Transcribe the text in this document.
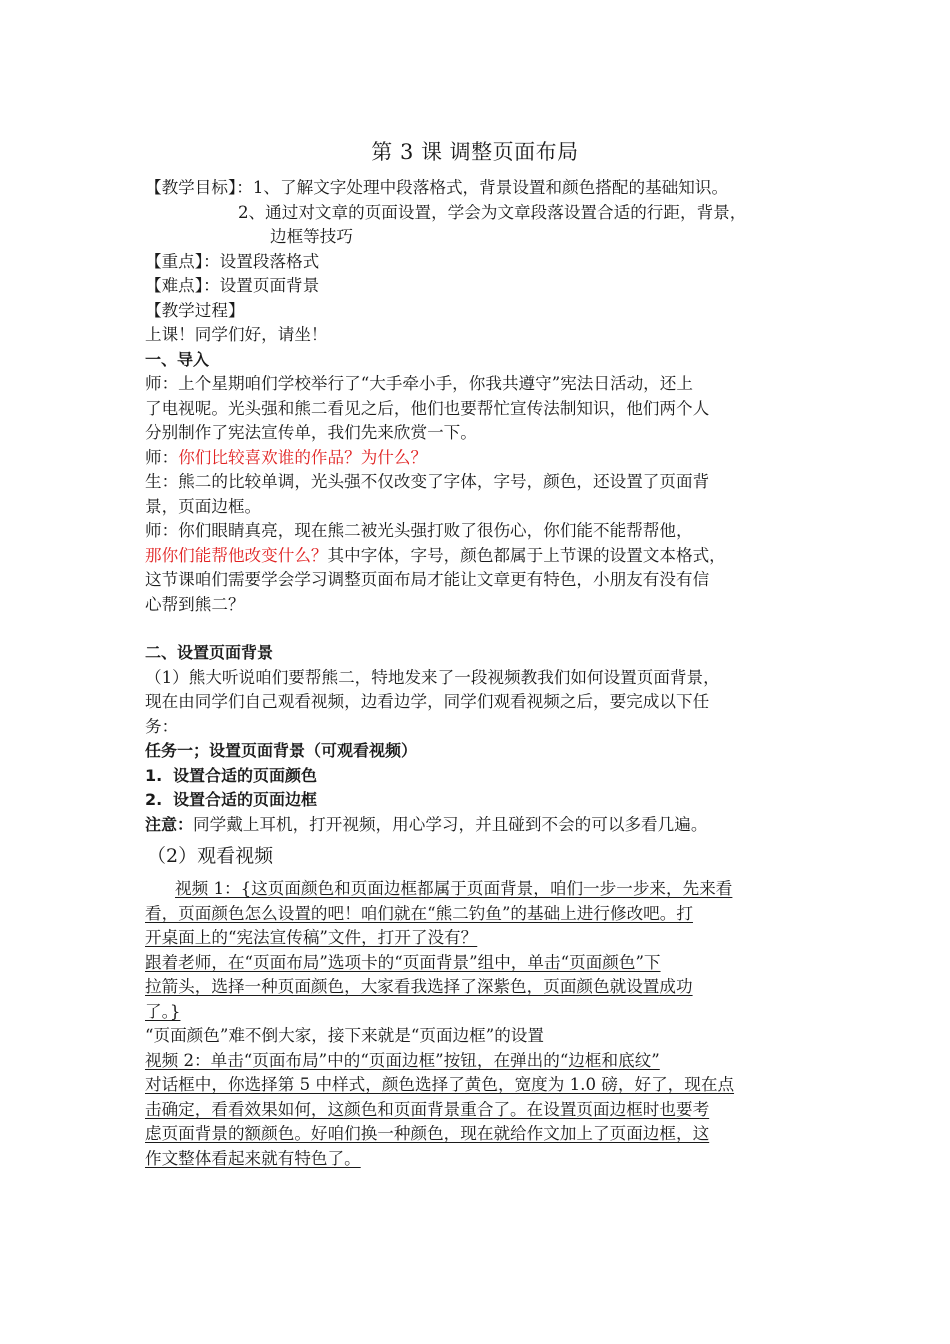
第 3 课 调整页面布局
【教学目标】：1、了解文字处理中段落格式，背景设置和颜色搭配的基础知识。
2、通过对文章的页面设置，学会为文章段落设置合适的行距，背景，
边框等技巧
【重点】：设置段落格式
【难点】：设置页面背景
【教学过程】
上课！同学们好，请坐！
一、导入
师：上个星期咱们学校举行了“大手牵小手，你我共遵守”宪法日活动，还上
了电视呢。光头强和熊二看见之后，他们也要帮忙宣传法制知识，他们两个人
分别制作了宪法宣传单，我们先来欣赏一下。
师：你们比较喜欢谁的作品？为什么？
生：熊二的比较单调，光头强不仅改变了字体，字号，颜色，还设置了页面背
景，页面边框。
师：你们眼睛真亮，现在熊二被光头强打败了很伤心，你们能不能帮帮他，
那你们能帮他改变什么？其中字体，字号，颜色都属于上节课的设置文本格式，
这节课咱们需要学会学习调整页面布局才能让文章更有特色，小朋友有没有信
心帮到熊二？
二、设置页面背景
（1）熊大听说咱们要帮熊二，特地发来了一段视频教我们如何设置页面背景，
现在由同学们自己观看视频，边看边学，同学们观看视频之后，要完成以下任
务：
任务一；设置页面背景（可观看视频）
1. 设置合适的页面颜色
2. 设置合适的页面边框
注意：同学戴上耳机，打开视频，用心学习，并且碰到不会的可以多看几遍。
（2）观看视频
视频 1：{这页面颜色和页面边框都属于页面背景，咱们一步一步来，先来看
看，页面颜色怎么设置的吧！咱们就在“熊二钓鱼”的基础上进行修改吧。打
开桌面上的“宪法宣传稿”文件，打开了没有？
跟着老师，在“页面布局”选项卡的“页面背景”组中，单击“页面颜色”下
拉箭头，选择一种页面颜色，大家看我选择了深紫色，页面颜色就设置成功
了。}
“页面颜色”难不倒大家，接下来就是“页面边框”的设置
视频 2：单击“页面布局”中的“页面边框”按钮，在弹出的“边框和底纹”
对话框中，你选择第 5 中样式，颜色选择了黄色，宽度为 1.0 磅，好了，现在点
击确定，看看效果如何，这颜色和页面背景重合了。在设置页面边框时也要考
虑页面背景的额颜色。好咱们换一种颜色，现在就给作文加上了页面边框，这
作文整体看起来就有特色了。
